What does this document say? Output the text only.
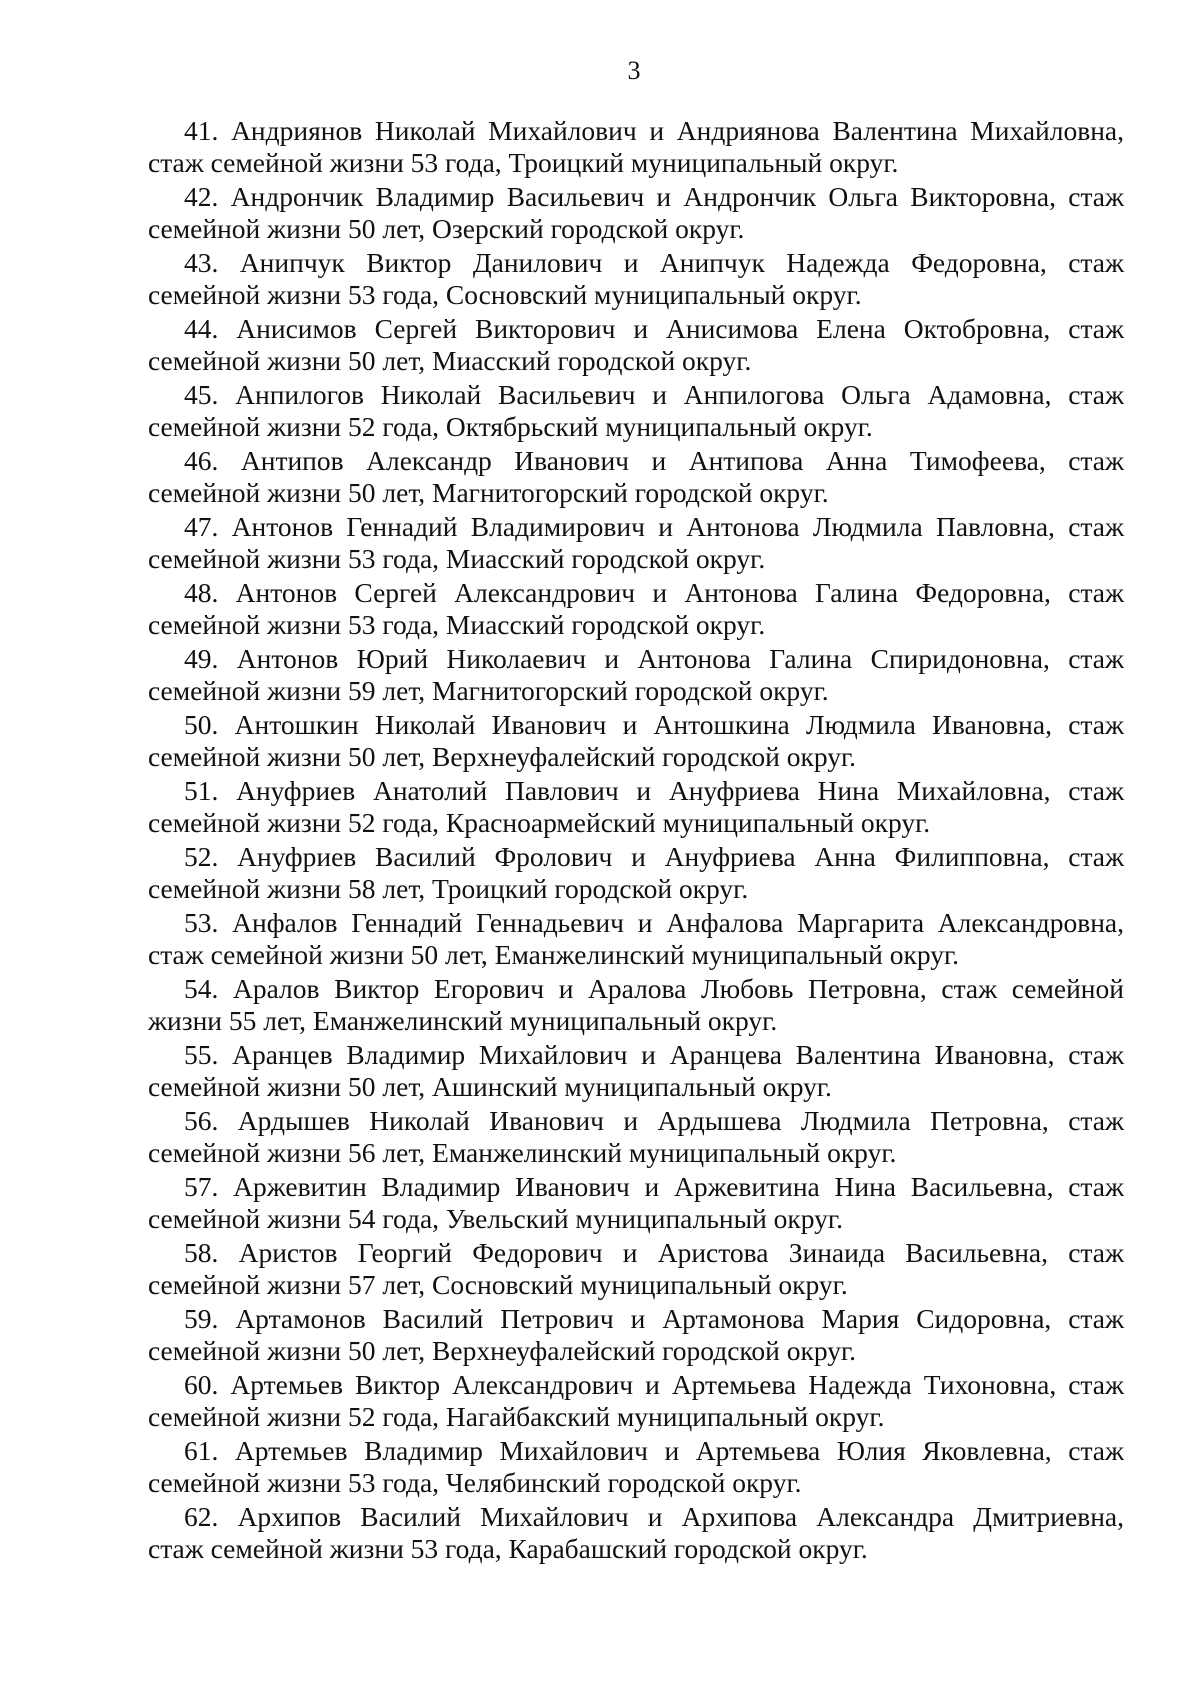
3
41. Андриянов Николай Михайлович и Андриянова Валентина Михайловна,
стаж семейной жизни 53 года, Троицкий муниципальный округ.
42. Андрончик Владимир Васильевич и Андрончик Ольга Викторовна, стаж
семейной жизни 50 лет, Озерский городской округ.
43. Анипчук Виктор Данилович и Анипчук Надежда Федоровна, стаж
семейной жизни 53 года, Сосновский муниципальный округ.
44. Анисимов Сергей Викторович и Анисимова Елена Октобровна, стаж
семейной жизни 50 лет, Миасский городской округ.
45. Анпилогов Николай Васильевич и Анпилогова Ольга Адамовна, стаж
семейной жизни 52 года, Октябрьский муниципальный округ.
46. Антипов Александр Иванович и Антипова Анна Тимофеева, стаж
семейной жизни 50 лет, Магнитогорский городской округ.
47. Антонов Геннадий Владимирович и Антонова Людмила Павловна, стаж
семейной жизни 53 года, Миасский городской округ.
48. Антонов Сергей Александрович и Антонова Галина Федоровна, стаж
семейной жизни 53 года, Миасский городской округ.
49. Антонов Юрий Николаевич и Антонова Галина Спиридоновна, стаж
семейной жизни 59 лет, Магнитогорский городской округ.
50. Антошкин Николай Иванович и Антошкина Людмила Ивановна, стаж
семейной жизни 50 лет, Верхнеуфалейский городской округ.
51. Ануфриев Анатолий Павлович и Ануфриева Нина Михайловна, стаж
семейной жизни 52 года, Красноармейский муниципальный округ.
52. Ануфриев Василий Фролович и Ануфриева Анна Филипповна, стаж
семейной жизни 58 лет, Троицкий городской округ.
53. Анфалов Геннадий Геннадьевич и Анфалова Маргарита Александровна,
стаж семейной жизни 50 лет, Еманжелинский муниципальный округ.
54. Аралов Виктор Егорович и Аралова Любовь Петровна, стаж семейной
жизни 55 лет, Еманжелинский муниципальный округ.
55. Аранцев Владимир Михайлович и Аранцева Валентина Ивановна, стаж
семейной жизни 50 лет, Ашинский муниципальный округ.
56. Ардышев Николай Иванович и Ардышева Людмила Петровна, стаж
семейной жизни 56 лет, Еманжелинский муниципальный округ.
57. Аржевитин Владимир Иванович и Аржевитина Нина Васильевна, стаж
семейной жизни 54 года, Увельский муниципальный округ.
58. Аристов Георгий Федорович и Аристова Зинаида Васильевна, стаж
семейной жизни 57 лет, Сосновский муниципальный округ.
59. Артамонов Василий Петрович и Артамонова Мария Сидоровна, стаж
семейной жизни 50 лет, Верхнеуфалейский городской округ.
60. Артемьев Виктор Александрович и Артемьева Надежда Тихоновна, стаж
семейной жизни 52 года, Нагайбакский муниципальный округ.
61. Артемьев Владимир Михайлович и Артемьева Юлия Яковлевна, стаж
семейной жизни 53 года, Челябинский городской округ.
62. Архипов Василий Михайлович и Архипова Александра Дмитриевна,
стаж семейной жизни 53 года, Карабашский городской округ.
